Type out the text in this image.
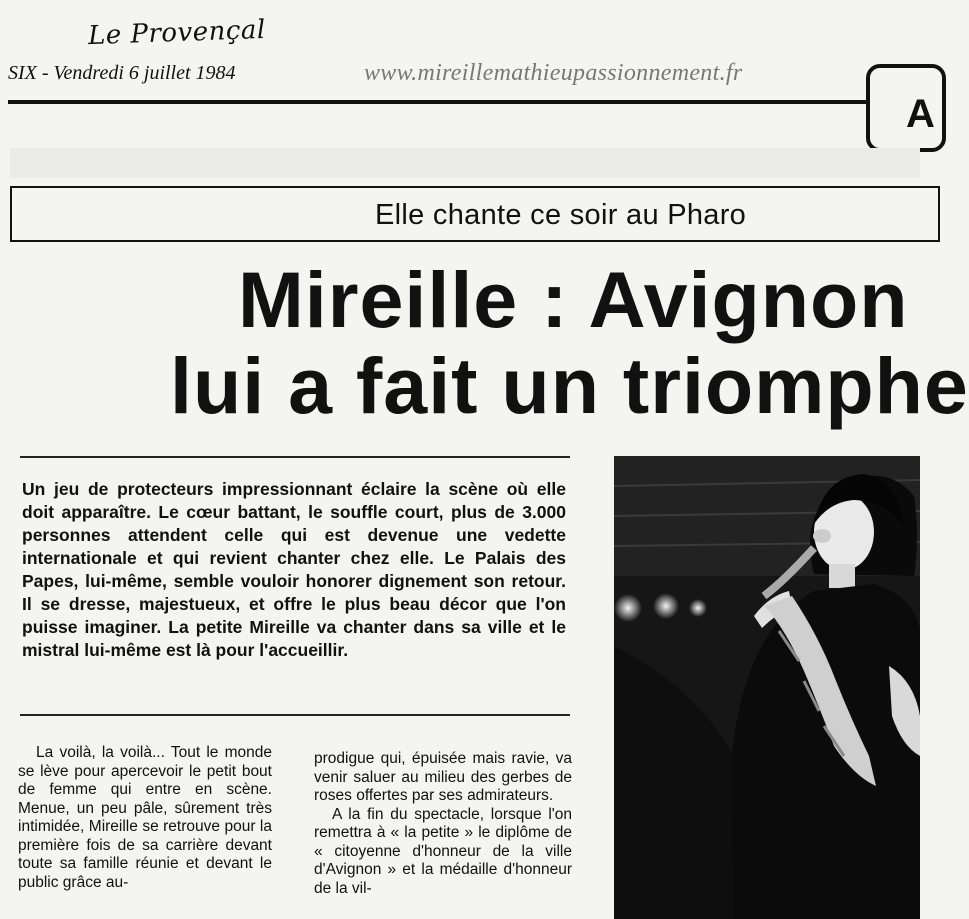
Le Provençal
SIX - Vendredi 6 juillet 1984	www.mireillemathieupassionnement.fr
A
Elle chante ce soir au Pharo
Mireille : Avignon
lui a fait un triomphe
Un jeu de protecteurs impressionnant éclaire la scène où elle doit apparaître. Le cœur battant, le souffle court, plus de 3.000 personnes attendent celle qui est devenue une vedette internationale et qui revient chanter chez elle. Le Palais des Papes, lui-même, semble vouloir honorer dignement son retour. Il se dresse, majestueux, et offre le plus beau décor que l'on puisse imaginer. La petite Mireille va chanter dans sa ville et le mistral lui-même est là pour l'accueillir.
La voilà, la voilà... Tout le monde se lève pour apercevoir le petit bout de femme qui entre en scène. Menue, un peu pâle, sûrement très intimidée, Mireille se retrouve pour la première fois de sa carrière devant toute sa famille réunie et devant le public grâce au-
prodigue qui, épuisée mais ravie, va venir saluer au milieu des gerbes de roses offertes par ses admirateurs.
A la fin du spectacle, lorsque l'on remettra à « la petite » le diplôme de « citoyenne d'honneur de la ville d'Avignon » et la médaille d'honneur de la vil-
